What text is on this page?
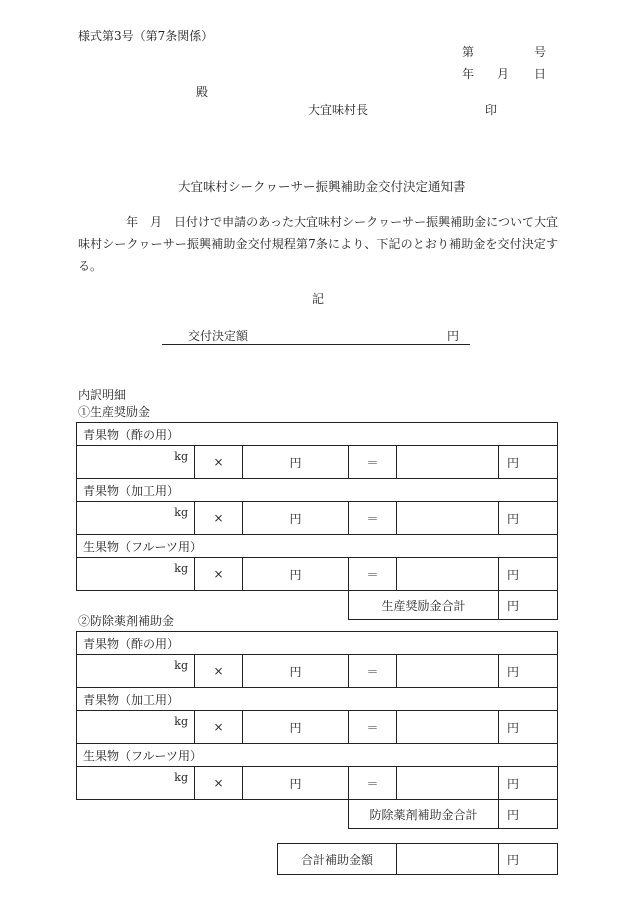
様式第3号（第7条関係）
第	号
年 月 日
殿
大宜味村長	印
大宜味村シークヮーサー振興補助金交付決定通知書
年　月　日付けで申請のあった大宜味村シークヮーサー振興補助金について大宜味村シークヮーサー振興補助金交付規程第7条により、下記のとおり補助金を交付決定する。
記
交付決定額	円
内訳明細
①生産奨励金
青果物（酢の用）					
kg	×	円	＝		円
青果物（加工用）					
kg	×	円	＝		円
生果物（フルーツ用）					
kg	×	円	＝		円
			生産奨励金合計		円
②防除薬剤補助金
青果物（酢の用）					
kg	×	円	＝		円
青果物（加工用）					
kg	×	円	＝		円
生果物（フルーツ用）					
kg	×	円	＝		円
			防除薬剤補助金合計		円
合計補助金額		円
